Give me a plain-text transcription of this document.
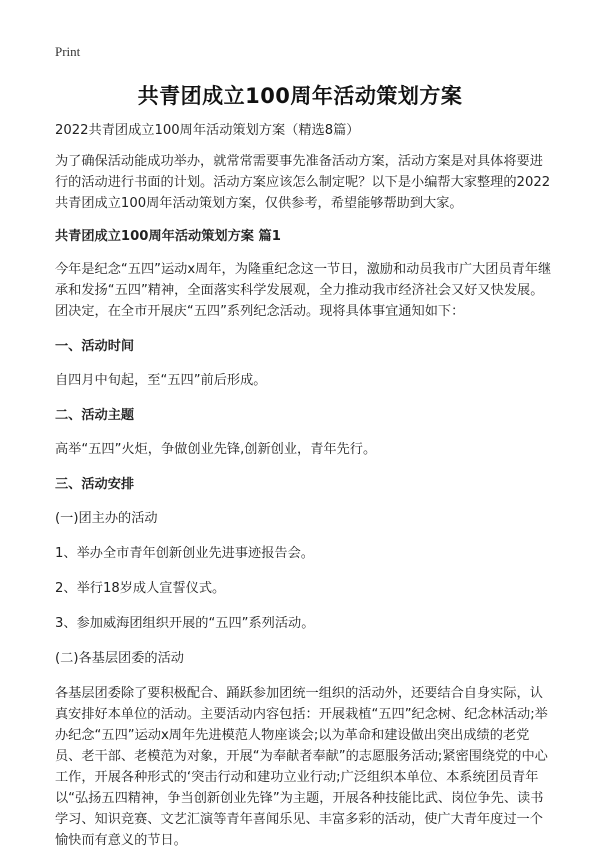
Print
共青团成立100周年活动策划方案

2022共青团成立100周年活动策划方案（精选8篇）

为了确保活动能成功举办，就常常需要事先准备活动方案，活动方案是对具体将要进行的活动进行书面的计划。活动方案应该怎么制定呢？以下是小编帮大家整理的2022共青团成立100周年活动策划方案，仅供参考，希望能够帮助到大家。

共青团成立100周年活动策划方案 篇1

今年是纪念“五四”运动x周年，为隆重纪念这一节日，激励和动员我市广大团员青年继承和发扬“五四”精神，全面落实科学发展观，全力推动我市经济社会又好又快发展。团决定，在全市开展庆“五四”系列纪念活动。现将具体事宜通知如下：

一、活动时间

自四月中旬起，至“五四”前后形成。

二、活动主题

高举“五四”火炬，争做创业先锋,创新创业，青年先行。

三、活动安排

(一)团主办的活动

1、举办全市青年创新创业先进事迹报告会。

2、举行18岁成人宣誓仪式。

3、参加威海团组织开展的“五四”系列活动。

(二)各基层团委的活动

各基层团委除了要积极配合、踊跃参加团统一组织的活动外，还要结合自身实际，认真安排好本单位的活动。主要活动内容包括：开展栽植“五四”纪念树、纪念林活动;举办纪念“五四”运动x周年先进模范人物座谈会;以为革命和建设做出突出成绩的老党员、老干部、老模范为对象，开展“为奉献者奉献”的志愿服务活动;紧密围绕党的中心工作，开展各种形式的‘突击行动和建功立业行动;广泛组织本单位、本系统团员青年以“弘扬五四精神，争当创新创业先锋”为主题，开展各种技能比武、岗位争先、读书学习、知识竞赛、文艺汇演等青年喜闻乐见、丰富多彩的活动，使广大青年度过一个愉快而有意义的节日。
